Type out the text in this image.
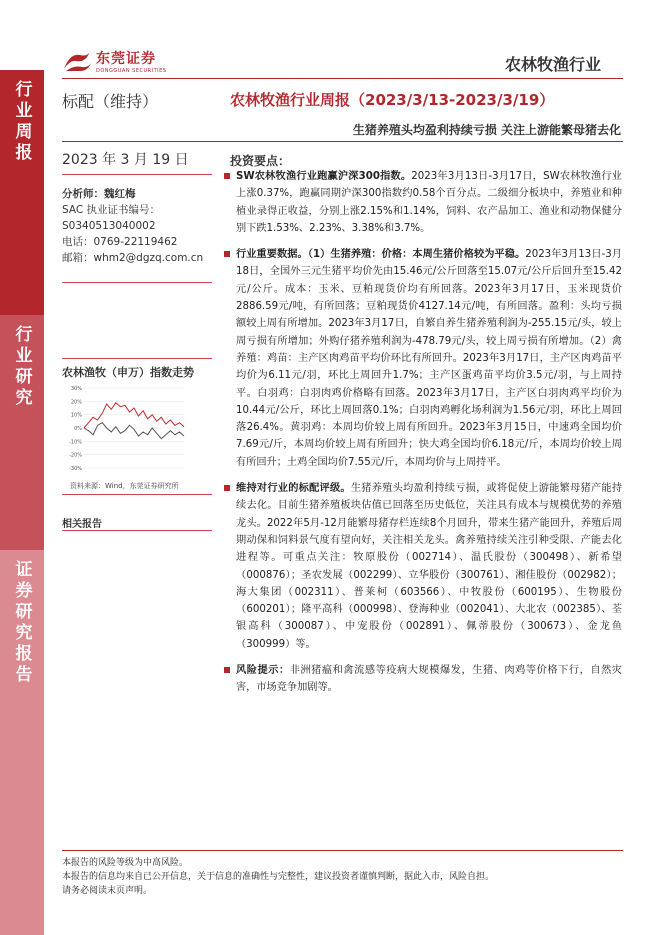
行业周报
行业研究
证券研究报告
东莞证券
DONGGUAN SECURITIES	农林牧渔行业
标配（维持）	农林牧渔行业周报（2023/3/13-2023/3/19）
生猪养殖头均盈利持续亏损 关注上游能繁母猪去化
2023 年 3 月 19 日
分析师：魏红梅
SAC 执业证书编号：
S0340513040002
电话：0769-22119462
邮箱：whm2@dgzq.com.cn
农林渔牧（申万）指数走势
30%
20%
10%
0%
-10%
-20%
-30%
资料来源：Wind，东莞证券研究所
相关报告
投资要点：
SW农林牧渔行业跑赢沪深300指数。2023年3月13日-3月17日，SW农林牧渔行业上涨0.37%，跑赢同期沪深300指数约0.58个百分点。二级细分板块中，养殖业和种植业录得正收益，分别上涨2.15%和1.14%，饲料、农产品加工、渔业和动物保健分别下跌1.53%、2.23%、3.38%和3.7%。
行业重要数据。（1）生猪养殖：价格：本周生猪价格较为平稳。2023年3月13日-3月18日，全国外三元生猪平均价先由15.46元/公斤回落至15.07元/公斤后回升至15.42元/公斤。成本：玉米、豆粕现货价均有所回落。2023年3月17日，玉米现货价2886.59元/吨，有所回落；豆粕现货价4127.14元/吨，有所回落。盈利：头均亏损额较上周有所增加。2023年3月17日，自繁自养生猪养殖利润为-255.15元/头，较上周亏损有所增加；外购仔猪养殖利润为-478.79元/头，较上周亏损有所增加。（2）禽养殖：鸡苗：主产区肉鸡苗平均价环比有所回升。2023年3月17日，主产区肉鸡苗平均价为6.11元/羽，环比上周回升1.7%；主产区蛋鸡苗平均价3.5元/羽，与上周持平。白羽鸡：白羽肉鸡价格略有回落。2023年3月17日，主产区白羽肉鸡平均价为10.44元/公斤，环比上周回落0.1%；白羽肉鸡孵化场利润为1.56元/羽，环比上周回落26.4%。黄羽鸡：本周均价较上周有所回升。2023年3月15日，中速鸡全国均价7.69元/斤，本周均价较上周有所回升；快大鸡全国均价6.18元/斤，本周均价较上周有所回升；土鸡全国均价7.55元/斤，本周均价与上周持平。
维持对行业的标配评级。生猪养殖头均盈利持续亏损，或将促使上游能繁母猪产能持续去化。目前生猪养殖板块估值已回落至历史低位，关注具有成本与规模优势的养殖龙头。2022年5月-12月能繁母猪存栏连续8个月回升，带来生猪产能回升，养殖后周期动保和饲料景气度有望向好，关注相关龙头。禽养殖持续关注引种受限、产能去化进程等。可重点关注：牧原股份（002714）、温氏股份（300498）、新希望（000876）；圣农发展（002299）、立华股份（300761）、湘佳股份（002982）；海大集团（002311）、普莱柯（603566）、中牧股份（600195）、生物股份（600201）；隆平高科（000998）、登海种业（002041）、大北农（002385）、荃银高科（300087）、中宠股份（002891）、佩蒂股份（300673）、金龙鱼（300999）等。
风险提示：非洲猪瘟和禽流感等疫病大规模爆发，生猪、肉鸡等价格下行，自然灾害，市场竞争加剧等。
本报告的风险等级为中高风险。
本报告的信息均来自已公开信息，关于信息的准确性与完整性，建议投资者谨慎判断，据此入市，风险自担。
请务必阅读末页声明。
